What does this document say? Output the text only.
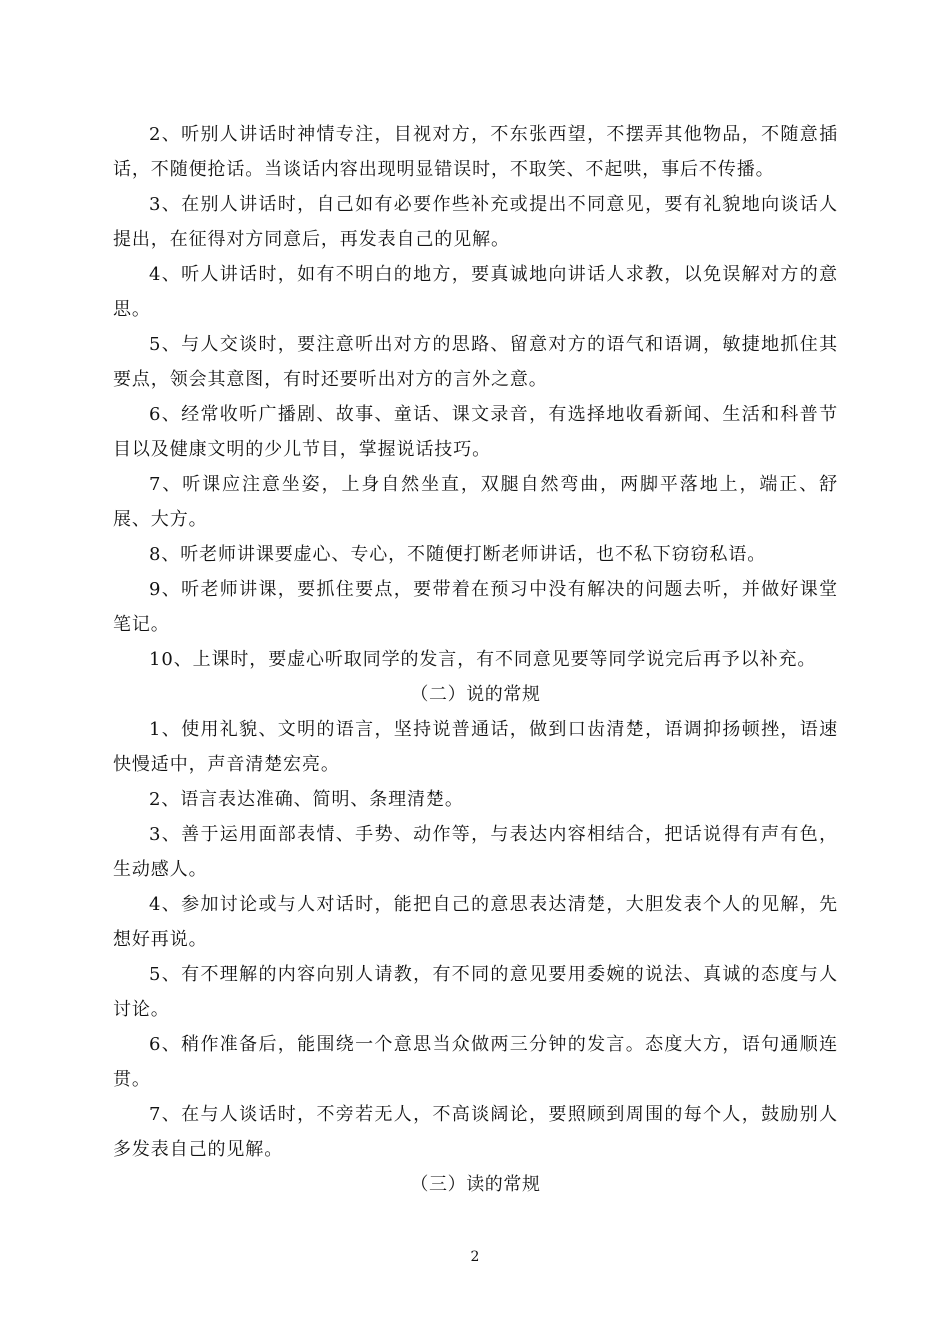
2、听别人讲话时神情专注，目视对方，不东张西望，不摆弄其他物品，不随意插话，不随便抢话。当谈话内容出现明显错误时，不取笑、不起哄，事后不传播。

3、在别人讲话时，自己如有必要作些补充或提出不同意见，要有礼貌地向谈话人提出，在征得对方同意后，再发表自己的见解。

4、听人讲话时，如有不明白的地方，要真诚地向讲话人求教，以免误解对方的意思。

5、与人交谈时，要注意听出对方的思路、留意对方的语气和语调，敏捷地抓住其要点，领会其意图，有时还要听出对方的言外之意。

6、经常收听广播剧、故事、童话、课文录音，有选择地收看新闻、生活和科普节目以及健康文明的少儿节目，掌握说话技巧。

7、听课应注意坐姿，上身自然坐直，双腿自然弯曲，两脚平落地上，端正、舒展、大方。

8、听老师讲课要虚心、专心，不随便打断老师讲话，也不私下窃窃私语。

9、听老师讲课，要抓住要点，要带着在预习中没有解决的问题去听，并做好课堂笔记。

10、上课时，要虚心听取同学的发言，有不同意见要等同学说完后再予以补充。

（二）说的常规

1、使用礼貌、文明的语言，坚持说普通话，做到口齿清楚，语调抑扬顿挫，语速快慢适中，声音清楚宏亮。

2、语言表达准确、简明、条理清楚。

3、善于运用面部表情、手势、动作等，与表达内容相结合，把话说得有声有色，生动感人。

4、参加讨论或与人对话时，能把自己的意思表达清楚，大胆发表个人的见解，先想好再说。

5、有不理解的内容向别人请教，有不同的意见要用委婉的说法、真诚的态度与人讨论。

6、稍作准备后，能围绕一个意思当众做两三分钟的发言。态度大方，语句通顺连贯。

7、在与人谈话时，不旁若无人，不高谈阔论，要照顾到周围的每个人，鼓励别人多发表自己的见解。

（三）读的常规

2
